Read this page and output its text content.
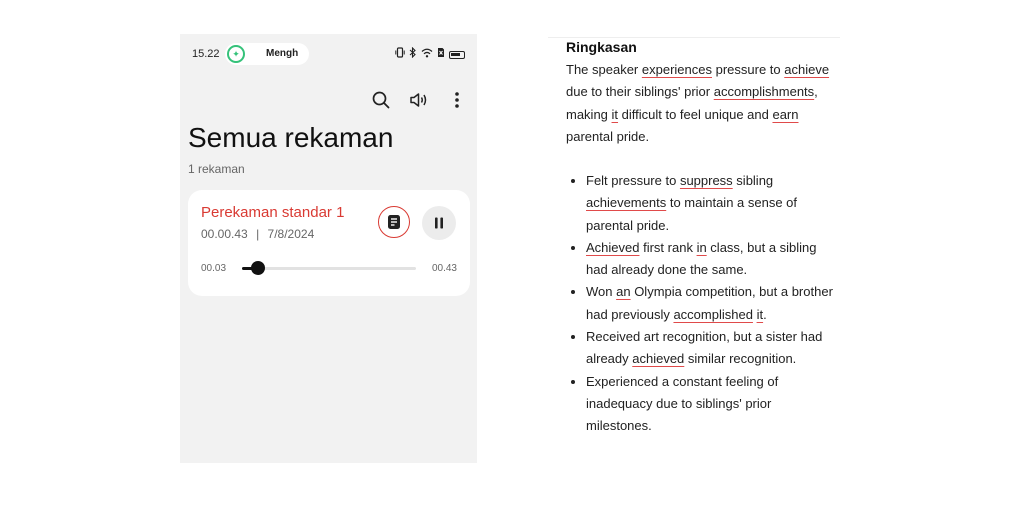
15.22	✦	Mengh
Semua rekaman
1 rekaman
Perekaman standar 1
00.00.43 | 7/8/2024
00.03	00.43
Ringkasan

The speaker experiences pressure to achieve due to their siblings' prior accomplishments, making it difficult to feel unique and earn parental pride.

• Felt pressure to suppress sibling achievements to maintain a sense of parental pride.
• Achieved first rank in class, but a sibling had already done the same.
• Won an Olympia competition, but a brother had previously accomplished it.
• Received art recognition, but a sister had already achieved similar recognition.
• Experienced a constant feeling of inadequacy due to siblings' prior milestones.
